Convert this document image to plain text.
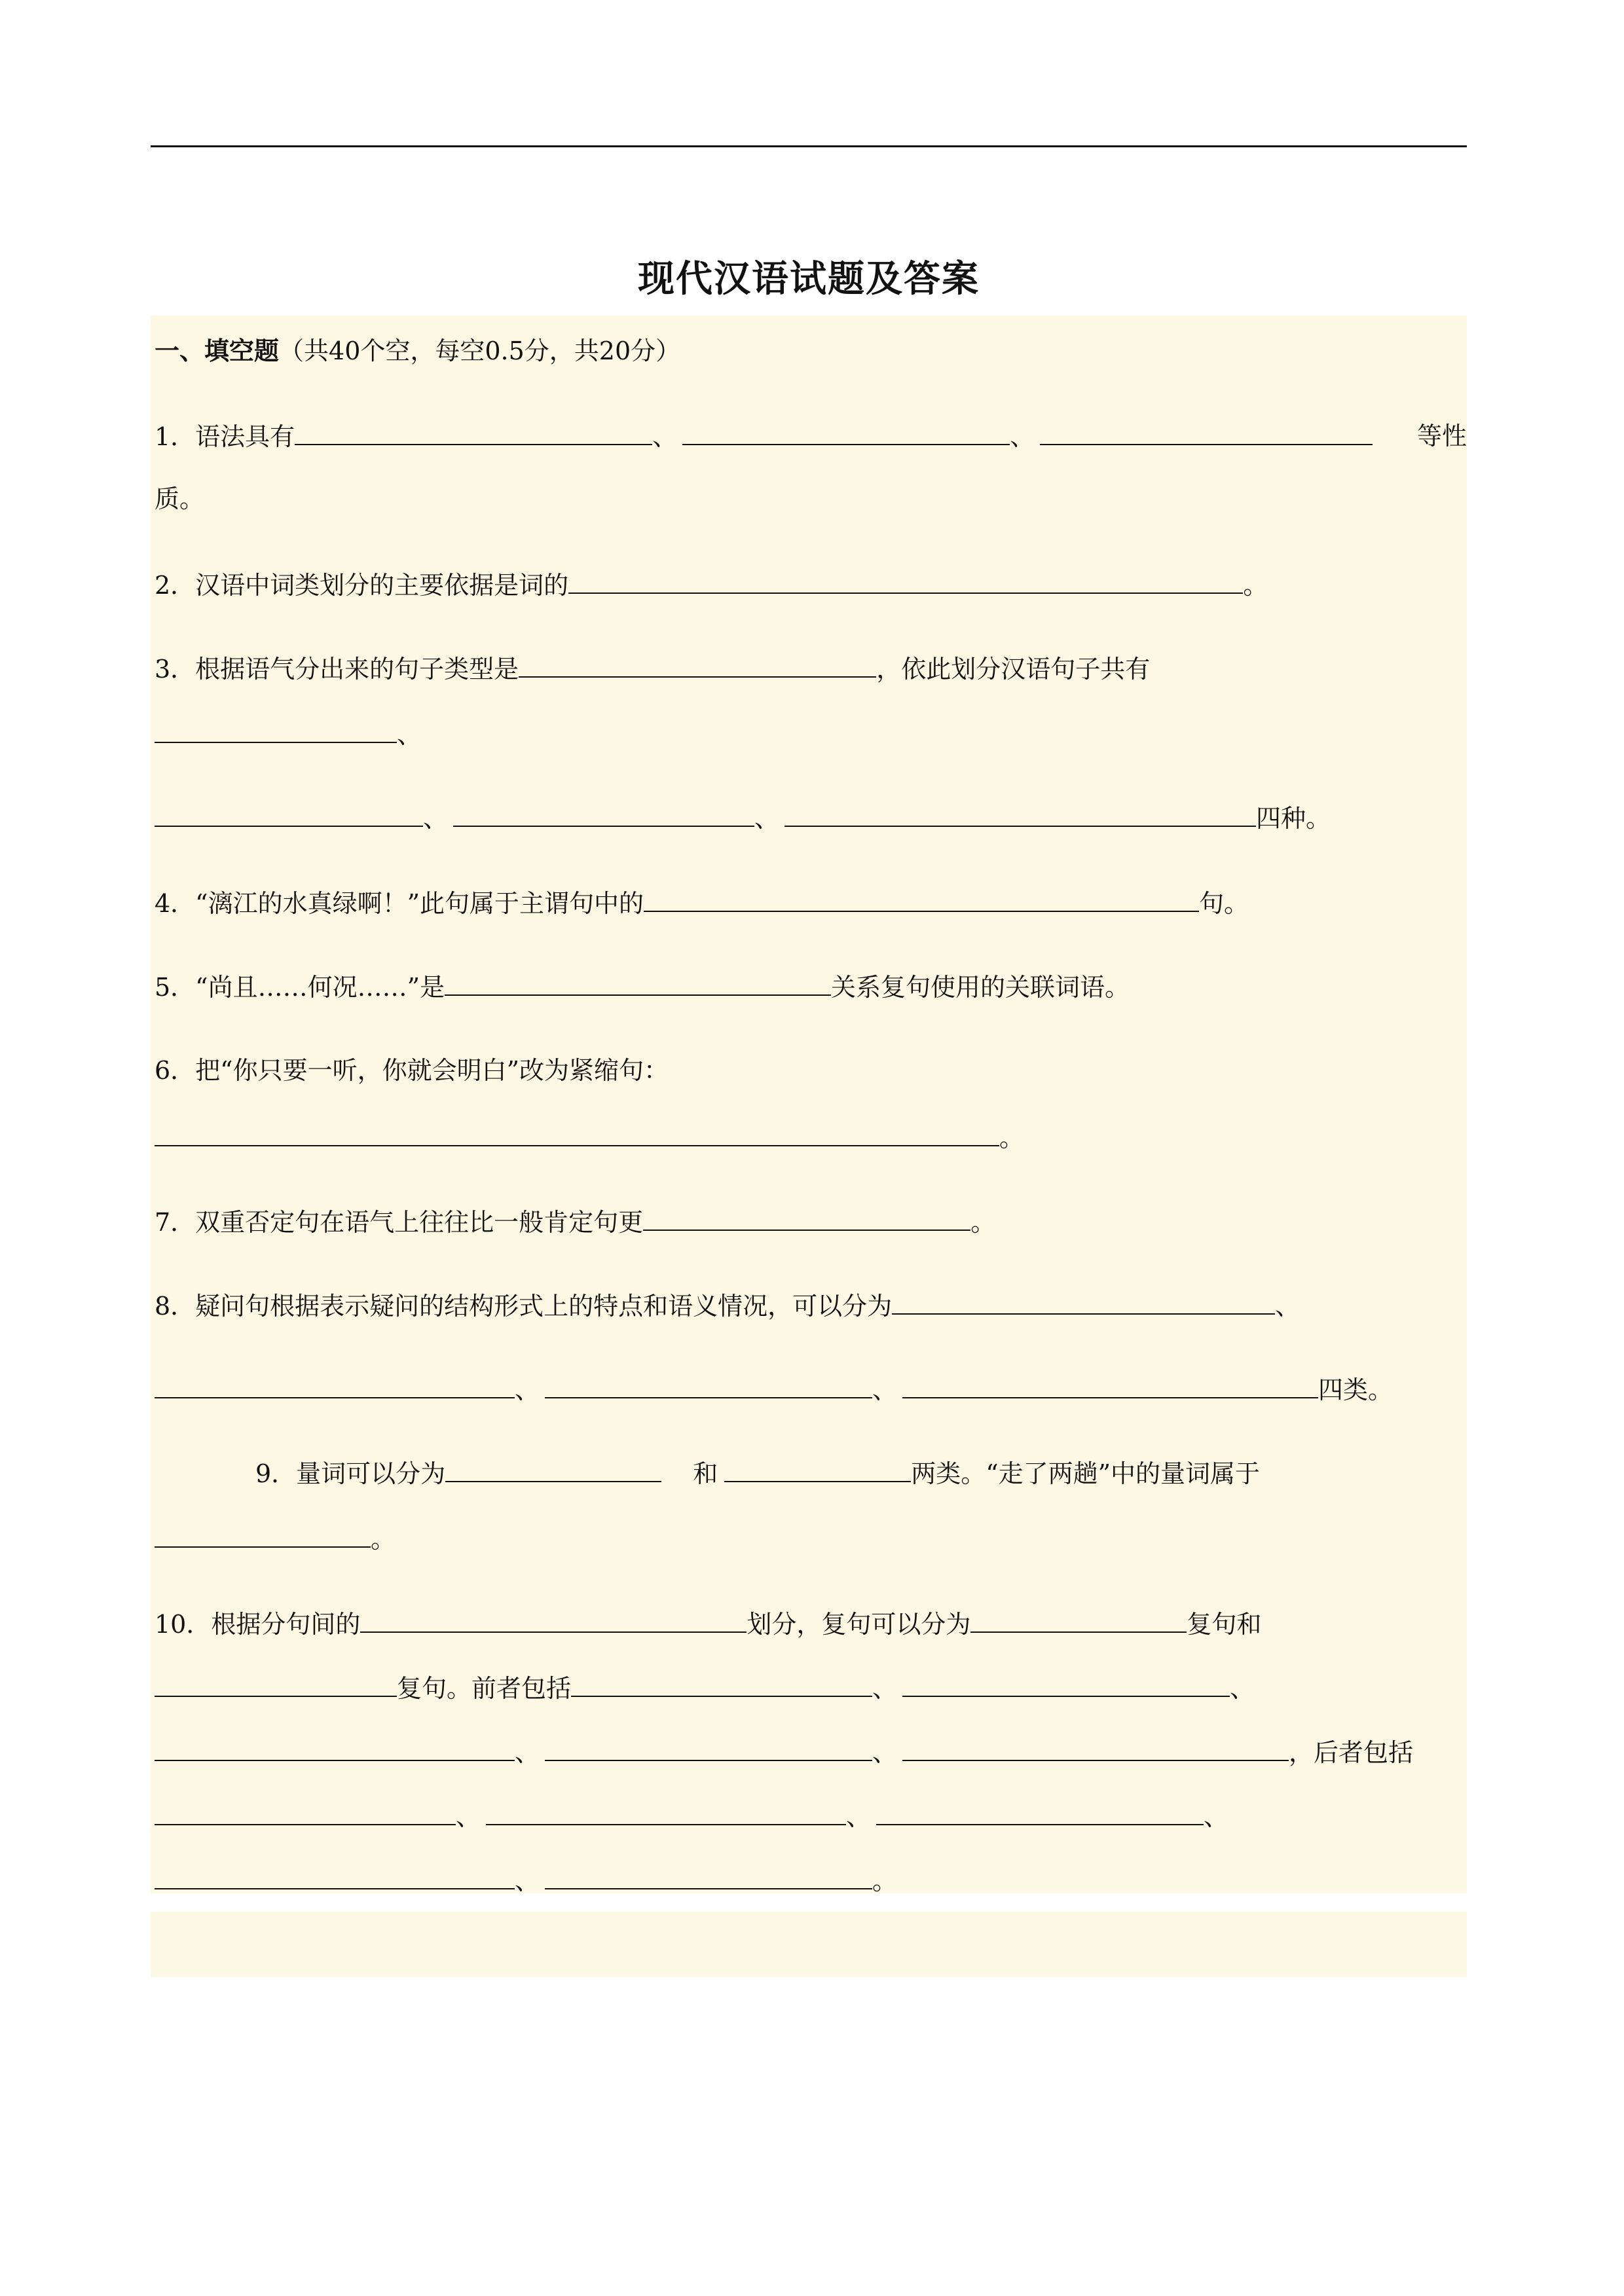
现代汉语试题及答案
一、填空题（共40个空，每空0.5分，共20分）
1．语法具有	、	、	等性
质。
2．汉语中词类划分的主要依据是词的	。
3．根据语气分出来的句子类型是	，依此划分汉语句子共有
、
、	、	四种。
4．“漓江的水真绿啊！”此句属于主谓句中的	句。
5．“尚且……何况……”是	关系复句使用的关联词语。
6．把“你只要一听，你就会明白”改为紧缩句：
。
7．双重否定句在语气上往往比一般肯定句更	。
8．疑问句根据表示疑问的结构形式上的特点和语义情况，可以分为	、
、	、	四类。
9．量词可以分为	和	两类。“走了两趟”中的量词属于
。
10．根据分句间的	划分，复句可以分为	复句和
复句。前者包括	、	、
、	、	，后者包括
、	、	、
、	。
